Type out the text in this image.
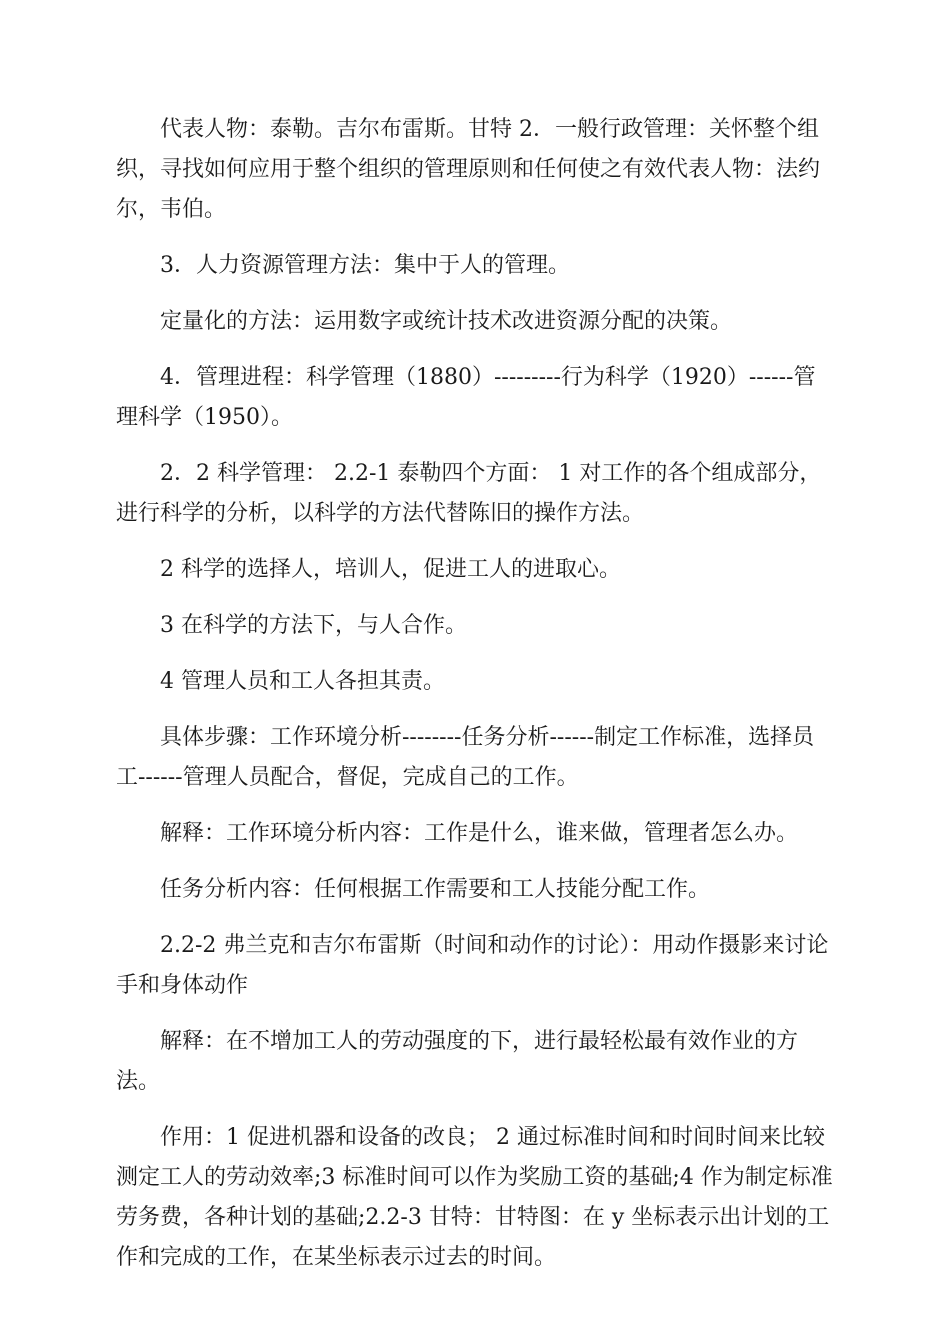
代表人物：泰勒。吉尔布雷斯。甘特 2．一般行政管理：关怀整个组织，寻找如何应用于整个组织的管理原则和任何使之有效代表人物：法约尔，韦伯。

3．人力资源管理方法：集中于人的管理。

定量化的方法：运用数字或统计技术改进资源分配的决策。

4．管理进程：科学管理（1880）---------行为科学（1920）------管理科学（1950）。

2．2 科学管理： 2.2-1 泰勒四个方面： 1 对工作的各个组成部分，进行科学的分析，以科学的方法代替陈旧的操作方法。

2 科学的选择人，培训人，促进工人的进取心。

3 在科学的方法下，与人合作。

4 管理人员和工人各担其责。

具体步骤：工作环境分析--------任务分析------制定工作标准，选择员工------管理人员配合，督促，完成自己的工作。

解释：工作环境分析内容：工作是什么，谁来做，管理者怎么办。

任务分析内容：任何根据工作需要和工人技能分配工作。

2.2-2 弗兰克和吉尔布雷斯（时间和动作的讨论）：用动作摄影来讨论手和身体动作

解释：在不增加工人的劳动强度的下，进行最轻松最有效作业的方法。

作用：1 促进机器和设备的改良； 2 通过标准时间和时间时间来比较测定工人的劳动效率;3 标准时间可以作为奖励工资的基础;4 作为制定标准劳务费，各种计划的基础;2.2-3 甘特：甘特图：在 y 坐标表示出计划的工作和完成的工作，在某坐标表示过去的时间。
